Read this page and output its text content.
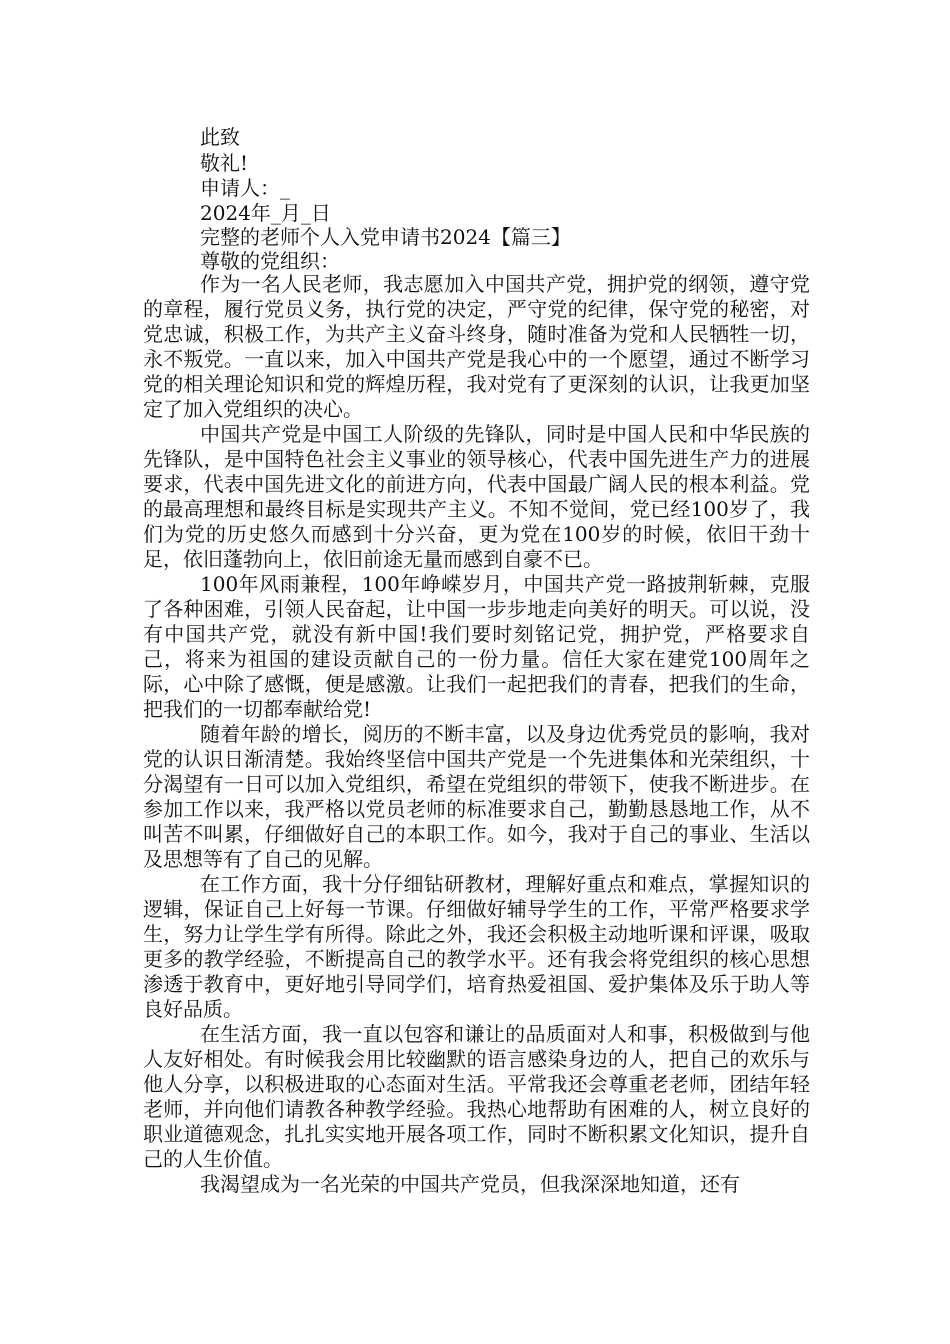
此致
敬礼!
申请人：_
2024年_月_日
完整的老师个人入党申请书2024【篇三】
尊敬的党组织：

作为一名人民老师，我志愿加入中国共产党，拥护党的纲领，遵守党的章程，履行党员义务，执行党的决定，严守党的纪律，保守党的秘密，对党忠诚，积极工作，为共产主义奋斗终身，随时准备为党和人民牺牲一切，永不叛党。一直以来，加入中国共产党是我心中的一个愿望，通过不断学习党的相关理论知识和党的辉煌历程，我对党有了更深刻的认识，让我更加坚定了加入党组织的决心。

中国共产党是中国工人阶级的先锋队，同时是中国人民和中华民族的先锋队，是中国特色社会主义事业的领导核心，代表中国先进生产力的进展要求，代表中国先进文化的前进方向，代表中国最广阔人民的根本利益。党的最高理想和最终目标是实现共产主义。不知不觉间，党已经100岁了，我们为党的历史悠久而感到十分兴奋，更为党在100岁的时候，依旧干劲十足，依旧蓬勃向上，依旧前途无量而感到自豪不已。

100年风雨兼程，100年峥嵘岁月，中国共产党一路披荆斩棘，克服了各种困难，引领人民奋起，让中国一步步地走向美好的明天。可以说，没有中国共产党，就没有新中国!我们要时刻铭记党，拥护党，严格要求自己，将来为祖国的建设贡献自己的一份力量。信任大家在建党100周年之际，心中除了感慨，便是感激。让我们一起把我们的青春，把我们的生命，把我们的一切都奉献给党!

随着年龄的增长，阅历的不断丰富，以及身边优秀党员的影响，我对党的认识日渐清楚。我始终坚信中国共产党是一个先进集体和光荣组织，十分渴望有一日可以加入党组织，希望在党组织的带领下，使我不断进步。在参加工作以来，我严格以党员老师的标准要求自己，勤勤恳恳地工作，从不叫苦不叫累，仔细做好自己的本职工作。如今，我对于自己的事业、生活以及思想等有了自己的见解。

在工作方面，我十分仔细钻研教材，理解好重点和难点，掌握知识的逻辑，保证自己上好每一节课。仔细做好辅导学生的工作，平常严格要求学生，努力让学生学有所得。除此之外，我还会积极主动地听课和评课，吸取更多的教学经验，不断提高自己的教学水平。还有我会将党组织的核心思想渗透于教育中，更好地引导同学们，培育热爱祖国、爱护集体及乐于助人等良好品质。

在生活方面，我一直以包容和谦让的品质面对人和事，积极做到与他人友好相处。有时候我会用比较幽默的语言感染身边的人，把自己的欢乐与他人分享，以积极进取的心态面对生活。平常我还会尊重老老师，团结年轻老师，并向他们请教各种教学经验。我热心地帮助有困难的人，树立良好的职业道德观念，扎扎实实地开展各项工作，同时不断积累文化知识，提升自己的人生价值。

我渴望成为一名光荣的中国共产党员，但我深深地知道，还有
